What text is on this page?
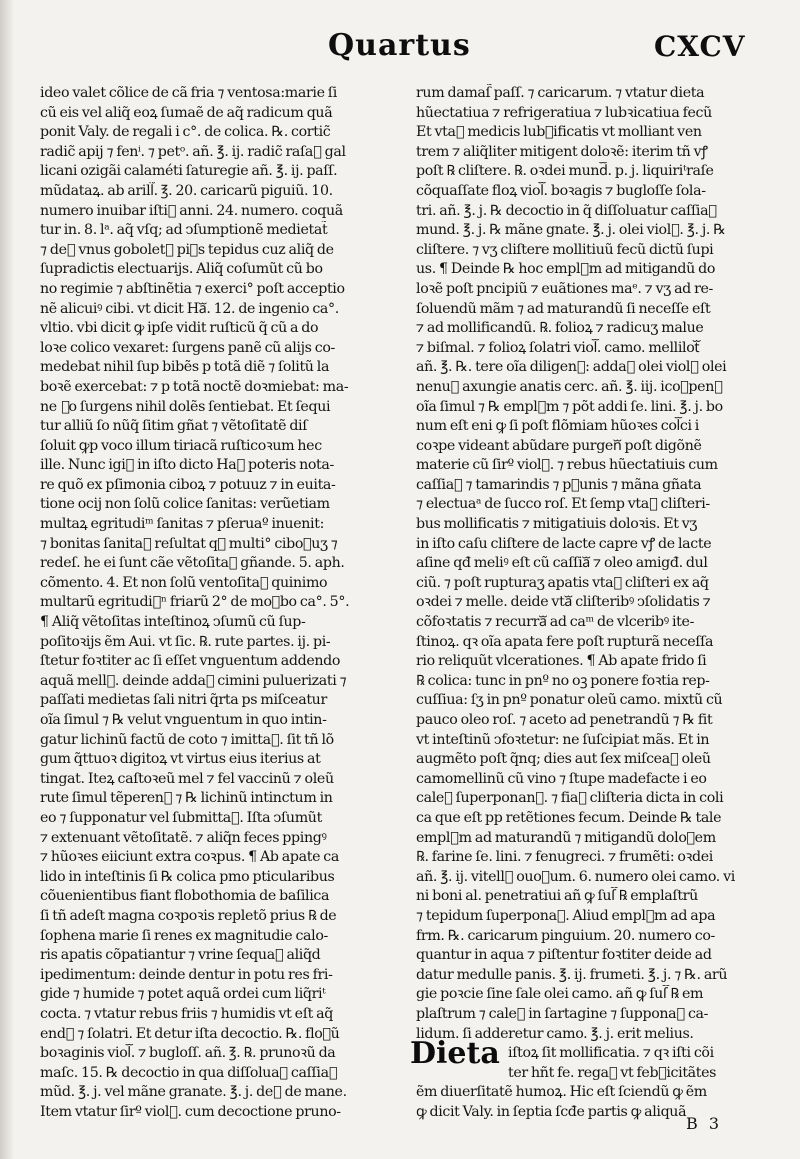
Quartus	CXCV
ideo valet cõlice de cã fria ⁊ ventosa:marie ſi
cũ eis vel aliq̃ eoꝝ ſumaẽ de aq̃ radicum quã
ponit Valy. de regali i c°. de colica. ℞. cortic̃
radic̃ apij ⁊ fenⁱ. ⁊ petᵒ. añ. ℥. ij. radic̃ raſa᷑ gal
licani ozigãi calaméti ſaturegie añ. ℥. ij. paſſ.
mũdataꝝ. ab arill᷑. ℥. 20. caricarũ piguiũ. 10.
numero inuibar iſti᷑ anni. 24. numero. coquã
tur in. 8. lᵃ. aq̃ vſq; ad ↄſumptionẽ medietat̃
⁊ deᷓ vnus gobolet᷑ piꝰs tepidus cuz aliq̃ de
ſupradictis electuarijs. Aliq̃ coſumũt cũ bo
no regimie ⁊ abſtinẽtia ⁊ exerci° poſt acceptio
nẽ alicuiꝰ cibi. vt dicit Haᷓ. 12. de ingenio ca°.
vltio. vbi dicit ꝙ ipſe vidit ruſticũ q̃ cũ a do
loꝛe colico vexaret: ſurgens panẽ cũ alijs co-
medebat nihil ſup bibẽs p totã diẽ ⁊ ſolitũ la
boꝛẽ exercebat: ⁊ p totã noctẽ doꝛmiebat: ma-
ne ᷑o ſurgens nihil dolẽs ſentiebat. Et ſequi
tur alliũ ſo nũq̃ ſitim gñat ⁊ vẽtoſitatẽ diſ
ſoluit ꝙp voco illum tiriacã ruſticoꝛum hec
ille. Nunc igiᷓ in iſto dicto Haᷓ poteris nota-
re quõ ex pſimonia ciboꝝ ⁊ potuuz ⁊ in euita-
tione ocij non ſolũ colice ſanitas: verũetiam
multaꝝ egritudiᵐ ſanitas ⁊ pſeruaº inuenit:
⁊ bonitas ſanitaᷓ reſultat qꝛ multi° ciboꝛuʒ ⁊
redeſ. he ei ſunt cãe vẽtoſitaᷓ gñande. 5. aph.
cõmento. 4. Et non ſolũ ventoſitaᷓ quinimo
multarũ egritudiᷓⁿ friarũ 2° de moꝛbo ca°. 5°.
¶ Aliq̃ vẽtoſitas inteſtinoꝝ ↄſumũ cũ ſup-
poſitoꝛijs ẽm Aui. vt ſic. ℞. rute partes. ij. pi-
ſtetur foꝛtiter ac ſi eſſet vnguentum addendo
aquã mellᷓ. deinde addaᷓ cimini puluerizati ⁊
paſſati medietas ſali nitri q̃rta ps miſceatur
oĩa ſimul ⁊ ℞ velut vnguentum in quo intin-
gatur lichinũ factũ de coto ⁊ imittaᷓ. ſit tñ lõ
gum q̃ttuoꝛ digitoꝝ vt virtus eius iterius at
tingat. Iteꝝ caſtoꝛeũ mel ⁊ fel vaccinũ ⁊ oleũ
rute ſimul tẽperenᷓ ⁊ ℞ lichinũ intinctum in
eo ⁊ ſupponatur vel ſubmittaᷓ. Iſta ↄſumũt
⁊ extenuant vẽtoſitatẽ. ⁊ aliq̃n feces ppingꝰ
⁊ hũoꝛes eiiciunt extra coꝛpus. ¶ Ab apate ca
lido in inteſtinis ſi ℞ colica pmo pticularibus
cõuenientibus fiant flobothomia de baſilica
ſi tñ adeſt magna coꝛpoꝛis repletõ prius ℞ de
ſophena marie ſi renes ex magnitudie calo-
ris apatis cõpatiantur ⁊ vrine ſequaᷓ aliq̃d
ipedimentum: deinde dentur in potu res fri-
gide ⁊ humide ⁊ potet aquã ordei cum liq̃riᵗ
cocta. ⁊ vtatur rebus friis ⁊ humidis vt eſt aq̃
endᷓ ⁊ ſolatri. Et detur iſta decoctio. ℞. floꝛũ
boꝛaginis violᷓ. ⁊ bugloſſ. añ. ℥. ℞. prunoꝛũ da
maſc. 15. ℞ decoctio in qua diſſoluaᷓ caſſiaᷓ
mũd. ℥. j. vel mãne granate. ℥. j. deᷓ de mane.
Item vtatur ſirº violᷓ. cum decoctione pruno-
rum damaſ̃ paſſ. ⁊ caricarum. ⁊ vtatur dieta
hũectatiua ⁊ refrigeratiua ⁊ lubꝛicatiua fecũ
Et vtaᷓ medicis lubꝛificatis vt molliant ven
trem ⁊ aliq̃liter mitigent doloꝛẽ: iterim tñ vꝭ
poſt ℞ cliſtere. ℞. oꝛdei mundᷓ. p. j. liquiriᵗraſe
cõquaſſate floꝝ violᷓ. boꝛagis ⁊ bugloſſe ſola-
tri. añ. ℥. j. ℞ decoctio in q̃ diſſoluatur caſſiaᷓ
mund. ℥. j. ℞ mãne gnate. ℥. j. olei violᷓ. ℥. j. ℞
cliſtere. ⁊ vʒ cliſtere mollitiuũ fecũ dictũ ſupi
us. ¶ Deinde ℞ hoc emplᷓm ad mitigandũ do
loꝛẽ poſt pncipiũ ⁊ euãtiones maᵉ. ⁊ vʒ ad re-
ſoluendũ mãm ⁊ ad maturandũ ſi neceſſe eſt
⁊ ad mollificandũ. ℞. folioꝝ ⁊ radicuʒ malue
⁊ biſmal. ⁊ folioꝝ ſolatri violᷓ. camo. mellilotᷓ
añ. ℥. ℞. tere oĩa diligenᷓ: addaᷓ olei violᷓ olei
nenuᷓ axungie anatis cerc. añ. ℥. iij. icoꝛpenᷓ
oĩa ſimul ⁊ ℞ emplᷓm ⁊ põt addi ſe. lini. ℥. j. bo
num eſt eni ꝙ ſi poſt flõmiam hũoꝛes colᷓci i
coꝛpe videant abũdare purgenᷓ poſt digõnẽ
materie cũ ſirº violᷓ. ⁊ rebus hũectatiuis cum
caſſiaᷓ ⁊ tamarindis ⁊ pꝛunis ⁊ mãna gñata
⁊ electuaᵃ de ſucco roſ. Et ſemp vtaᷓ cliſteri-
bus mollificatis ⁊ mitigatiuis doloꝛis. Et vʒ
in iſto caſu cliſtere de lacte capre vꝭ de lacte
aſine qđ meliꝰ eſt cũ caſſiaᷓ ⁊ oleo amigđ. dul
ciũ. ⁊ poſt rupturaʒ apatis vtaᷓ cliſteri ex aq̃
oꝛdei ⁊ melle. deide vtaᷓ cliſteribꝰ ↄſolidatis ⁊
cõfoꝛtatis ⁊ recurraᷓ ad caᵐ de vlceribꝰ ite-
ſtinoꝝ. qꝛ oĩa apata fere poſt rupturã neceſſa
rio reliquũt vlcerationes. ¶ Ab apate frido ſi
℞ colica: tunc in pnº no oꝫ ponere foꝛtia rep-
cuſſiua: ſʒ in pnº ponatur oleũ camo. mixtũ cũ
pauco oleo roſ. ⁊ aceto ad penetrandũ ⁊ ℞ fit
vt inteſtinũ ↄfoꝛtetur: ne ſuſcipiat mãs. Et in
augmẽto poſt q̃nq; dies aut ſex miſceaᷓ oleũ
camomellinũ cũ vino ⁊ ſtupe madefacte i eo
caleᷓ ſuperponanᷓ. ⁊ fiaᷓ cliſteria dicta in coli
ca que eſt pp retẽtiones fecum. Deinde ℞ tale
emplᷓm ad maturandũ ⁊ mitigandũ doloꝛem
℞. farine ſe. lini. ⁊ fenugreci. ⁊ frumẽti: oꝛdei
añ. ℥. ij. vitellᷓ ouoꝛum. 6. numero olei camo. vi
ni boni al. penetratiui añ ꝙ ſuſᷓ ℞ emplaſtrũ
⁊ tepidum ſuperponaᷓ. Aliud emplᷓm ad apa
frm. ℞. caricarum pinguium. 20. numero co-
quantur in aqua ⁊ piſtentur foꝛtiter deide ad
datur medulle panis. ℥. ij. frumeti. ℥. j. ⁊ ℞. arũ
gie poꝛcie ſine ſale olei camo. añ ꝙ ſuſᷓ ℞ em
plaſtrum ⁊ caleᷓ in ſartagine ⁊ ſupponaᷓ ca-
lidum. ſi adderetur camo. ℥. j. erit melius.
Dieta iſtoꝝ ſit mollificatia. ⁊ qꝛ iſti cõi
ter hñt fe. regaᷓ vt febꝛicitãtes
ẽm diuerſitatẽ humoꝝ. Hic eſt ſciendũ ꝙ ẽm
ꝙ dicit Valy. in ſeptia ſcđe partis ꝙ aliquã
B 3
